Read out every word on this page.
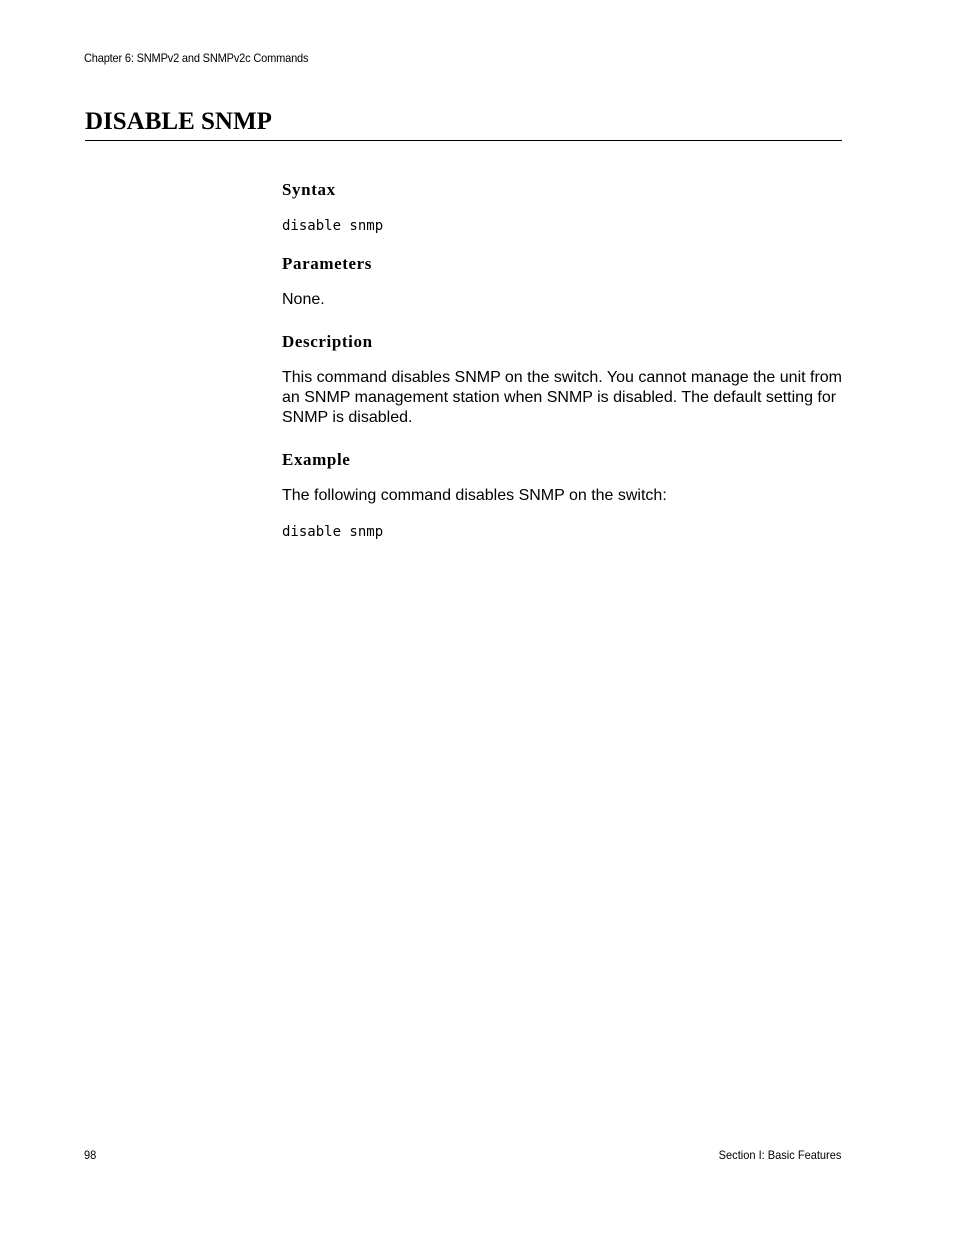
Chapter 6: SNMPv2 and SNMPv2c Commands
DISABLE SNMP
Syntax
disable snmp
Parameters

None.

Description

This command disables SNMP on the switch. You cannot manage the unit from an SNMP management station when SNMP is disabled. The default setting for SNMP is disabled.

Example

The following command disables SNMP on the switch:

disable snmp
98	Section I: Basic Features
